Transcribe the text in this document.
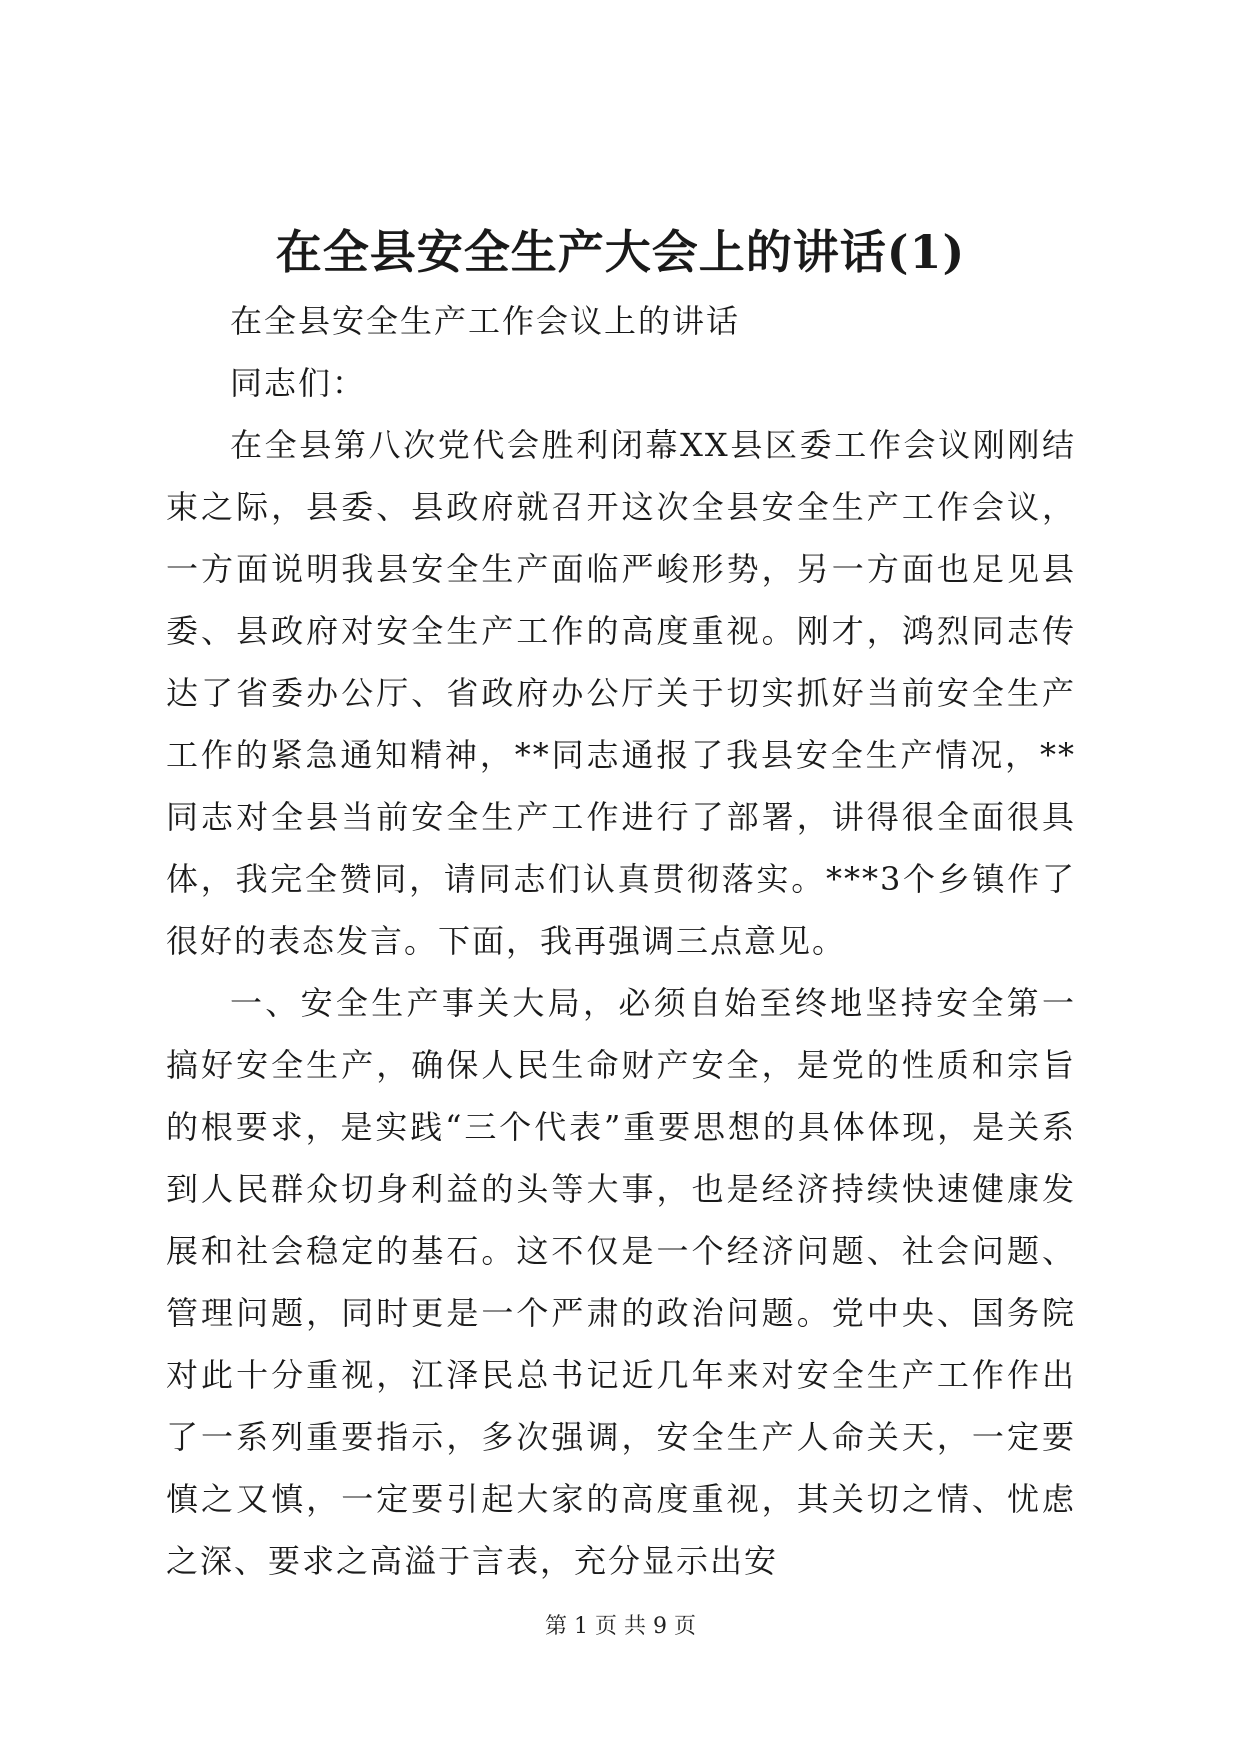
在全县安全生产大会上的讲话(1)

在全县安全生产工作会议上的讲话

同志们：

在全县第八次党代会胜利闭幕XX县区委工作会议刚刚结束之际，县委、县政府就召开这次全县安全生产工作会议，一方面说明我县安全生产面临严峻形势，另一方面也足见县委、县政府对安全生产工作的高度重视。刚才，鸿烈同志传达了省委办公厅、省政府办公厅关于切实抓好当前安全生产工作的紧急通知精神，**同志通报了我县安全生产情况，**同志对全县当前安全生产工作进行了部署，讲得很全面很具体，我完全赞同，请同志们认真贯彻落实。***3个乡镇作了很好的表态发言。下面，我再强调三点意见。

一、安全生产事关大局，必须自始至终地坚持安全第一搞好安全生产，确保人民生命财产安全，是党的性质和宗旨的根要求，是实践“三个代表”重要思想的具体体现，是关系到人民群众切身利益的头等大事，也是经济持续快速健康发展和社会稳定的基石。这不仅是一个经济问题、社会问题、管理问题，同时更是一个严肃的政治问题。党中央、国务院对此十分重视，江泽民总书记近几年来对安全生产工作作出了一系列重要指示，多次强调，安全生产人命关天，一定要慎之又慎，一定要引起大家的高度重视，其关切之情、忧虑之深、要求之高溢于言表，充分显示出安

第 1 页 共 9 页
